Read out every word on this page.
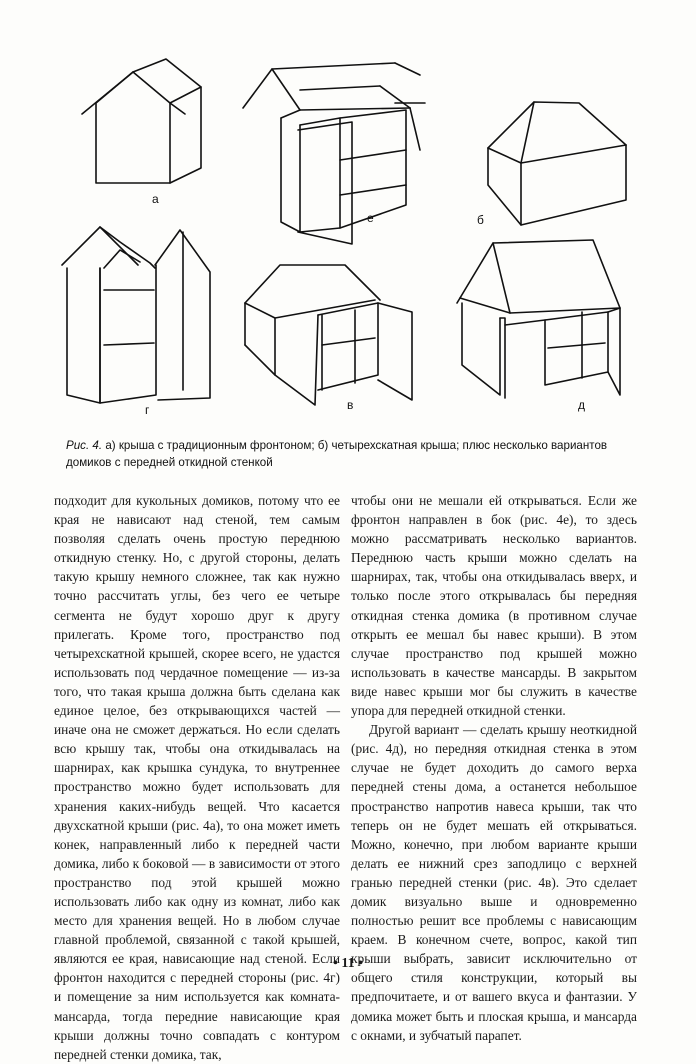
а
е	б
г	в	д
Рис. 4. а) крыша с традиционным фронтоном; б) четырехскатная крыша; плюс несколько вариантов домиков с передней откидной стенкой

подходит для кукольных домиков, потому что ее края не нависают над стеной, тем самым позволяя сделать очень простую переднюю откидную стенку. Но, с другой стороны, делать такую крышу немного сложнее, так как нужно точно рассчитать углы, без чего ее четыре сегмента не будут хорошо друг к другу прилегать. Кроме того, пространство под четырехскатной крышей, скорее всего, не удастся использовать под чердачное помещение — из-за того, что такая крыша должна быть сделана как единое целое, без открывающихся частей — иначе она не сможет держаться. Но если сделать всю крышу так, чтобы она откидывалась на шарнирах, как крышка сундука, то внутреннее пространство можно будет использовать для хранения каких-нибудь вещей. Что касается двухскатной крыши (рис. 4а), то она может иметь конек, направленный либо к передней части домика, либо к боковой — в зависимости от этого пространство под этой крышей можно использовать либо как одну из комнат, либо как место для хранения вещей. Но в любом случае главной проблемой, связанной с такой крышей, являются ее края, нависающие над стеной. Если фронтон находится с передней стороны (рис. 4г) и помещение за ним используется как комната-мансарда, тогда передние нависающие края крыши должны точно совпадать с контуром передней стенки домика, так,

чтобы они не мешали ей открываться. Если же фронтон направлен в бок (рис. 4е), то здесь можно рассматривать несколько вариантов. Переднюю часть крыши можно сделать на шарнирах, так, чтобы она откидывалась вверх, и только после этого открывалась бы передняя откидная стенка домика (в противном случае открыть ее мешал бы навес крыши). В этом случае пространство под крышей можно использовать в качестве мансарды. В закрытом виде навес крыши мог бы служить в качестве упора для передней откидной стенки.

Другой вариант — сделать крышу неоткидной (рис. 4д), но передняя откидная стенка в этом случае не будет доходить до самого верха передней стены дома, а останется небольшое пространство напротив навеса крыши, так что теперь он не будет мешать ей открываться. Можно, конечно, при любом варианте крыши делать ее нижний срез заподлицо с верхней гранью передней стенки (рис. 4в). Это сделает домик визуально выше и одновременно полностью решит все проблемы с нависающим краем. В конечном счете, вопрос, какой тип крыши выбрать, зависит исключительно от общего стиля конструкции, который вы предпочитаете, и от вашего вкуса и фантазии. У домика может быть и плоская крыша, и мансарда с окнами, и зубчатый парапет.

• 11 •
